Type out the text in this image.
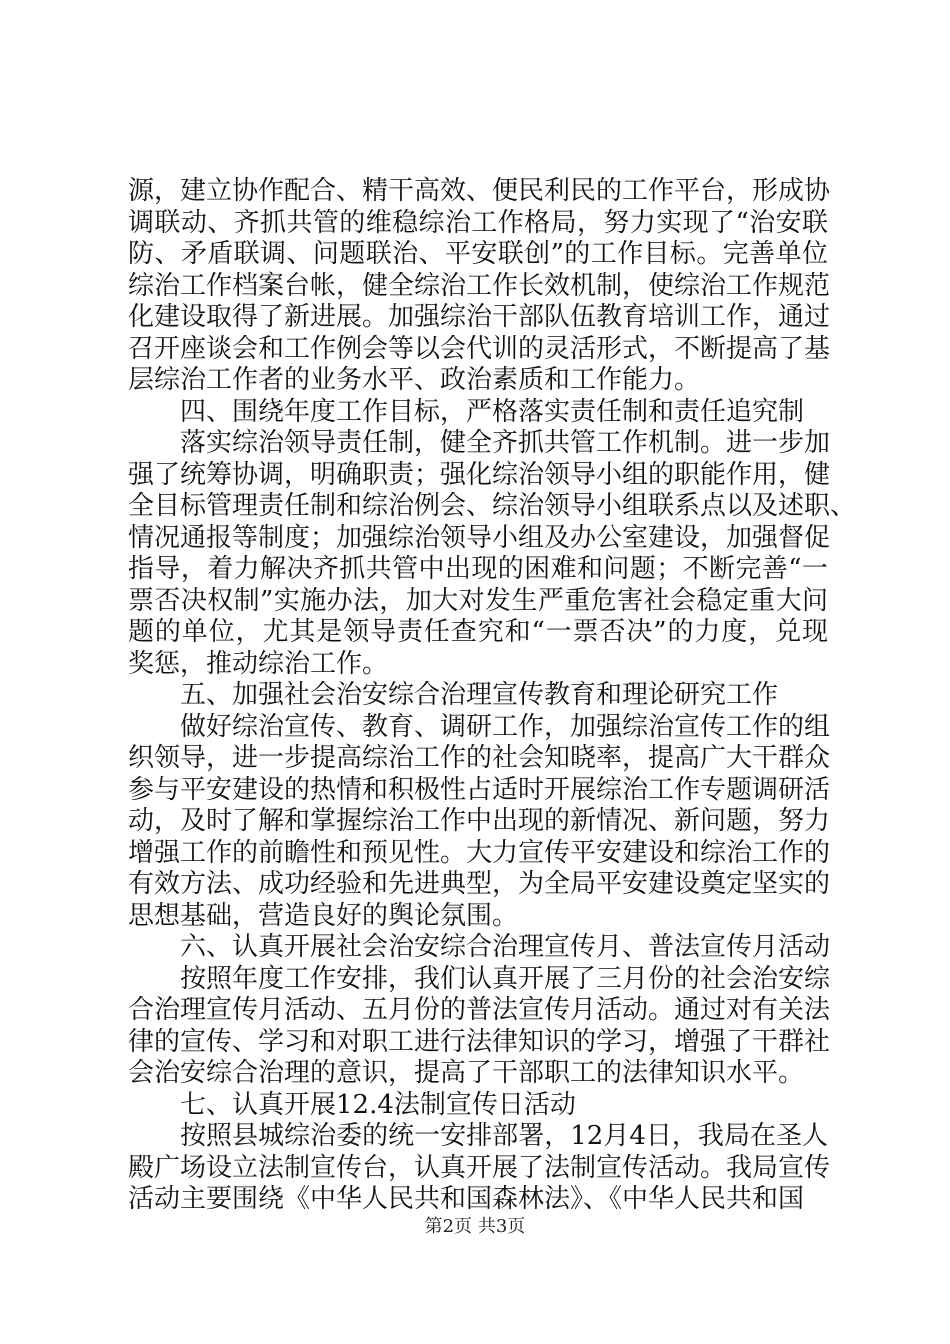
源，建立协作配合、精干高效、便民利民的工作平台，形成协
调联动、齐抓共管的维稳综治工作格局，努力实现了“治安联
防、矛盾联调、问题联治、平安联创”的工作目标。完善单位
综治工作档案台帐，健全综治工作长效机制，使综治工作规范
化建设取得了新进展。加强综治干部队伍教育培训工作，通过
召开座谈会和工作例会等以会代训的灵活形式，不断提高了基
层综治工作者的业务水平、政治素质和工作能力。
四、围绕年度工作目标，严格落实责任制和责任追究制
落实综治领导责任制，健全齐抓共管工作机制。进一步加
强了统筹协调，明确职责；强化综治领导小组的职能作用，健
全目标管理责任制和综治例会、综治领导小组联系点以及述职、
情况通报等制度；加强综治领导小组及办公室建设，加强督促
指导，着力解决齐抓共管中出现的困难和问题；不断完善“一
票否决权制”实施办法，加大对发生严重危害社会稳定重大问
题的单位，尤其是领导责任查究和“一票否决”的力度，兑现
奖惩，推动综治工作。
五、加强社会治安综合治理宣传教育和理论研究工作
做好综治宣传、教育、调研工作，加强综治宣传工作的组
织领导，进一步提高综治工作的社会知晓率，提高广大干群众
参与平安建设的热情和积极性占适时开展综治工作专题调研活
动，及时了解和掌握综治工作中出现的新情况、新问题，努力
增强工作的前瞻性和预见性。大力宣传平安建设和综治工作的
有效方法、成功经验和先进典型，为全局平安建设奠定坚实的
思想基础，营造良好的舆论氛围。
六、认真开展社会治安综合治理宣传月、普法宣传月活动
按照年度工作安排，我们认真开展了三月份的社会治安综
合治理宣传月活动、五月份的普法宣传月活动。通过对有关法
律的宣传、学习和对职工进行法律知识的学习，增强了干群社
会治安综合治理的意识，提高了干部职工的法律知识水平。
七、认真开展12.4法制宣传日活动
按照县城综治委的统一安排部署，12月4日，我局在圣人
殿广场设立法制宣传台，认真开展了法制宣传活动。我局宣传
活动主要围绕《中华人民共和国森林法》、《中华人民共和国
第2页 共3页
